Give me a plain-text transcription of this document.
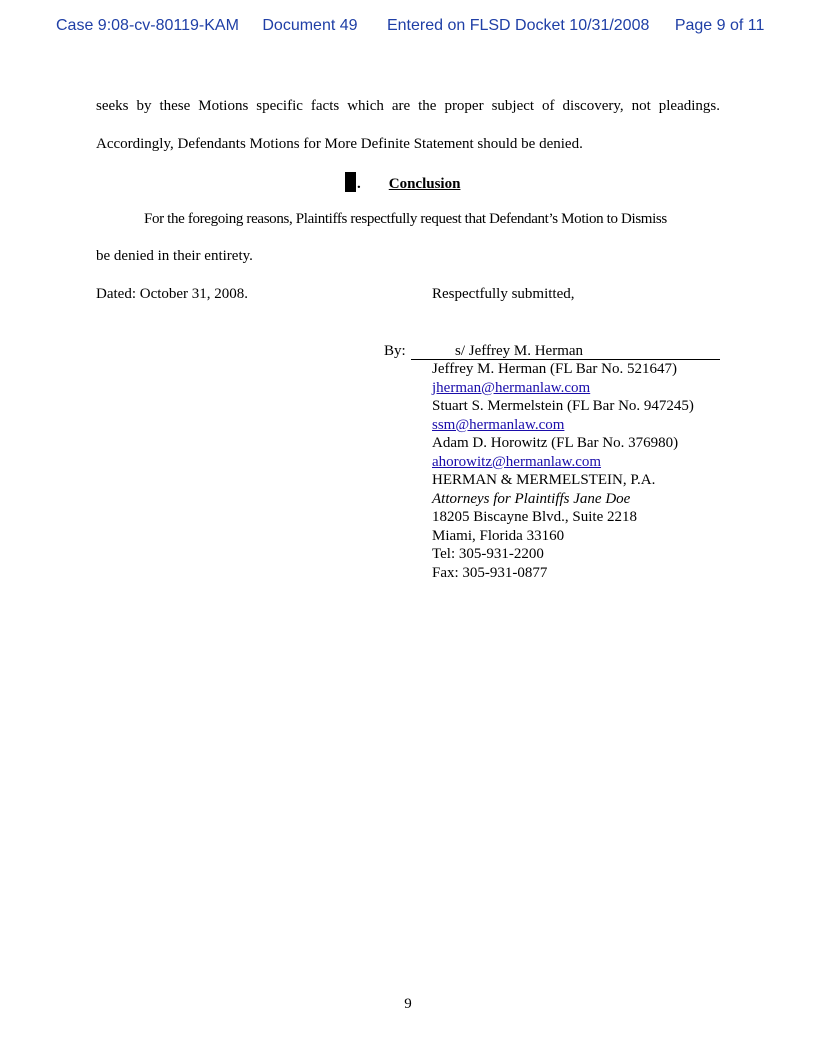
Case 9:08-cv-80119-KAM Document 49 Entered on FLSD Docket 10/31/2008 Page 9 of 11
seeks by these Motions specific facts which are the proper subject of discovery, not pleadings.
Accordingly, Defendants Motions for More Definite Statement should be denied.
. Conclusion
For the foregoing reasons, Plaintiffs respectfully request that Defendant’s Motion to Dismiss
be denied in their entirety.
Dated: October 31, 2008.	Respectfully submitted,
By:	s/ Jeffrey M. Herman
Jeffrey M. Herman (FL Bar No. 521647)
jherman@hermanlaw.com
Stuart S. Mermelstein (FL Bar No. 947245)
ssm@hermanlaw.com
Adam D. Horowitz (FL Bar No. 376980)
ahorowitz@hermanlaw.com
HERMAN & MERMELSTEIN, P.A.
Attorneys for Plaintiffs Jane Doe
18205 Biscayne Blvd., Suite 2218
Miami, Florida 33160
Tel: 305-931-2200
Fax: 305-931-0877
9
